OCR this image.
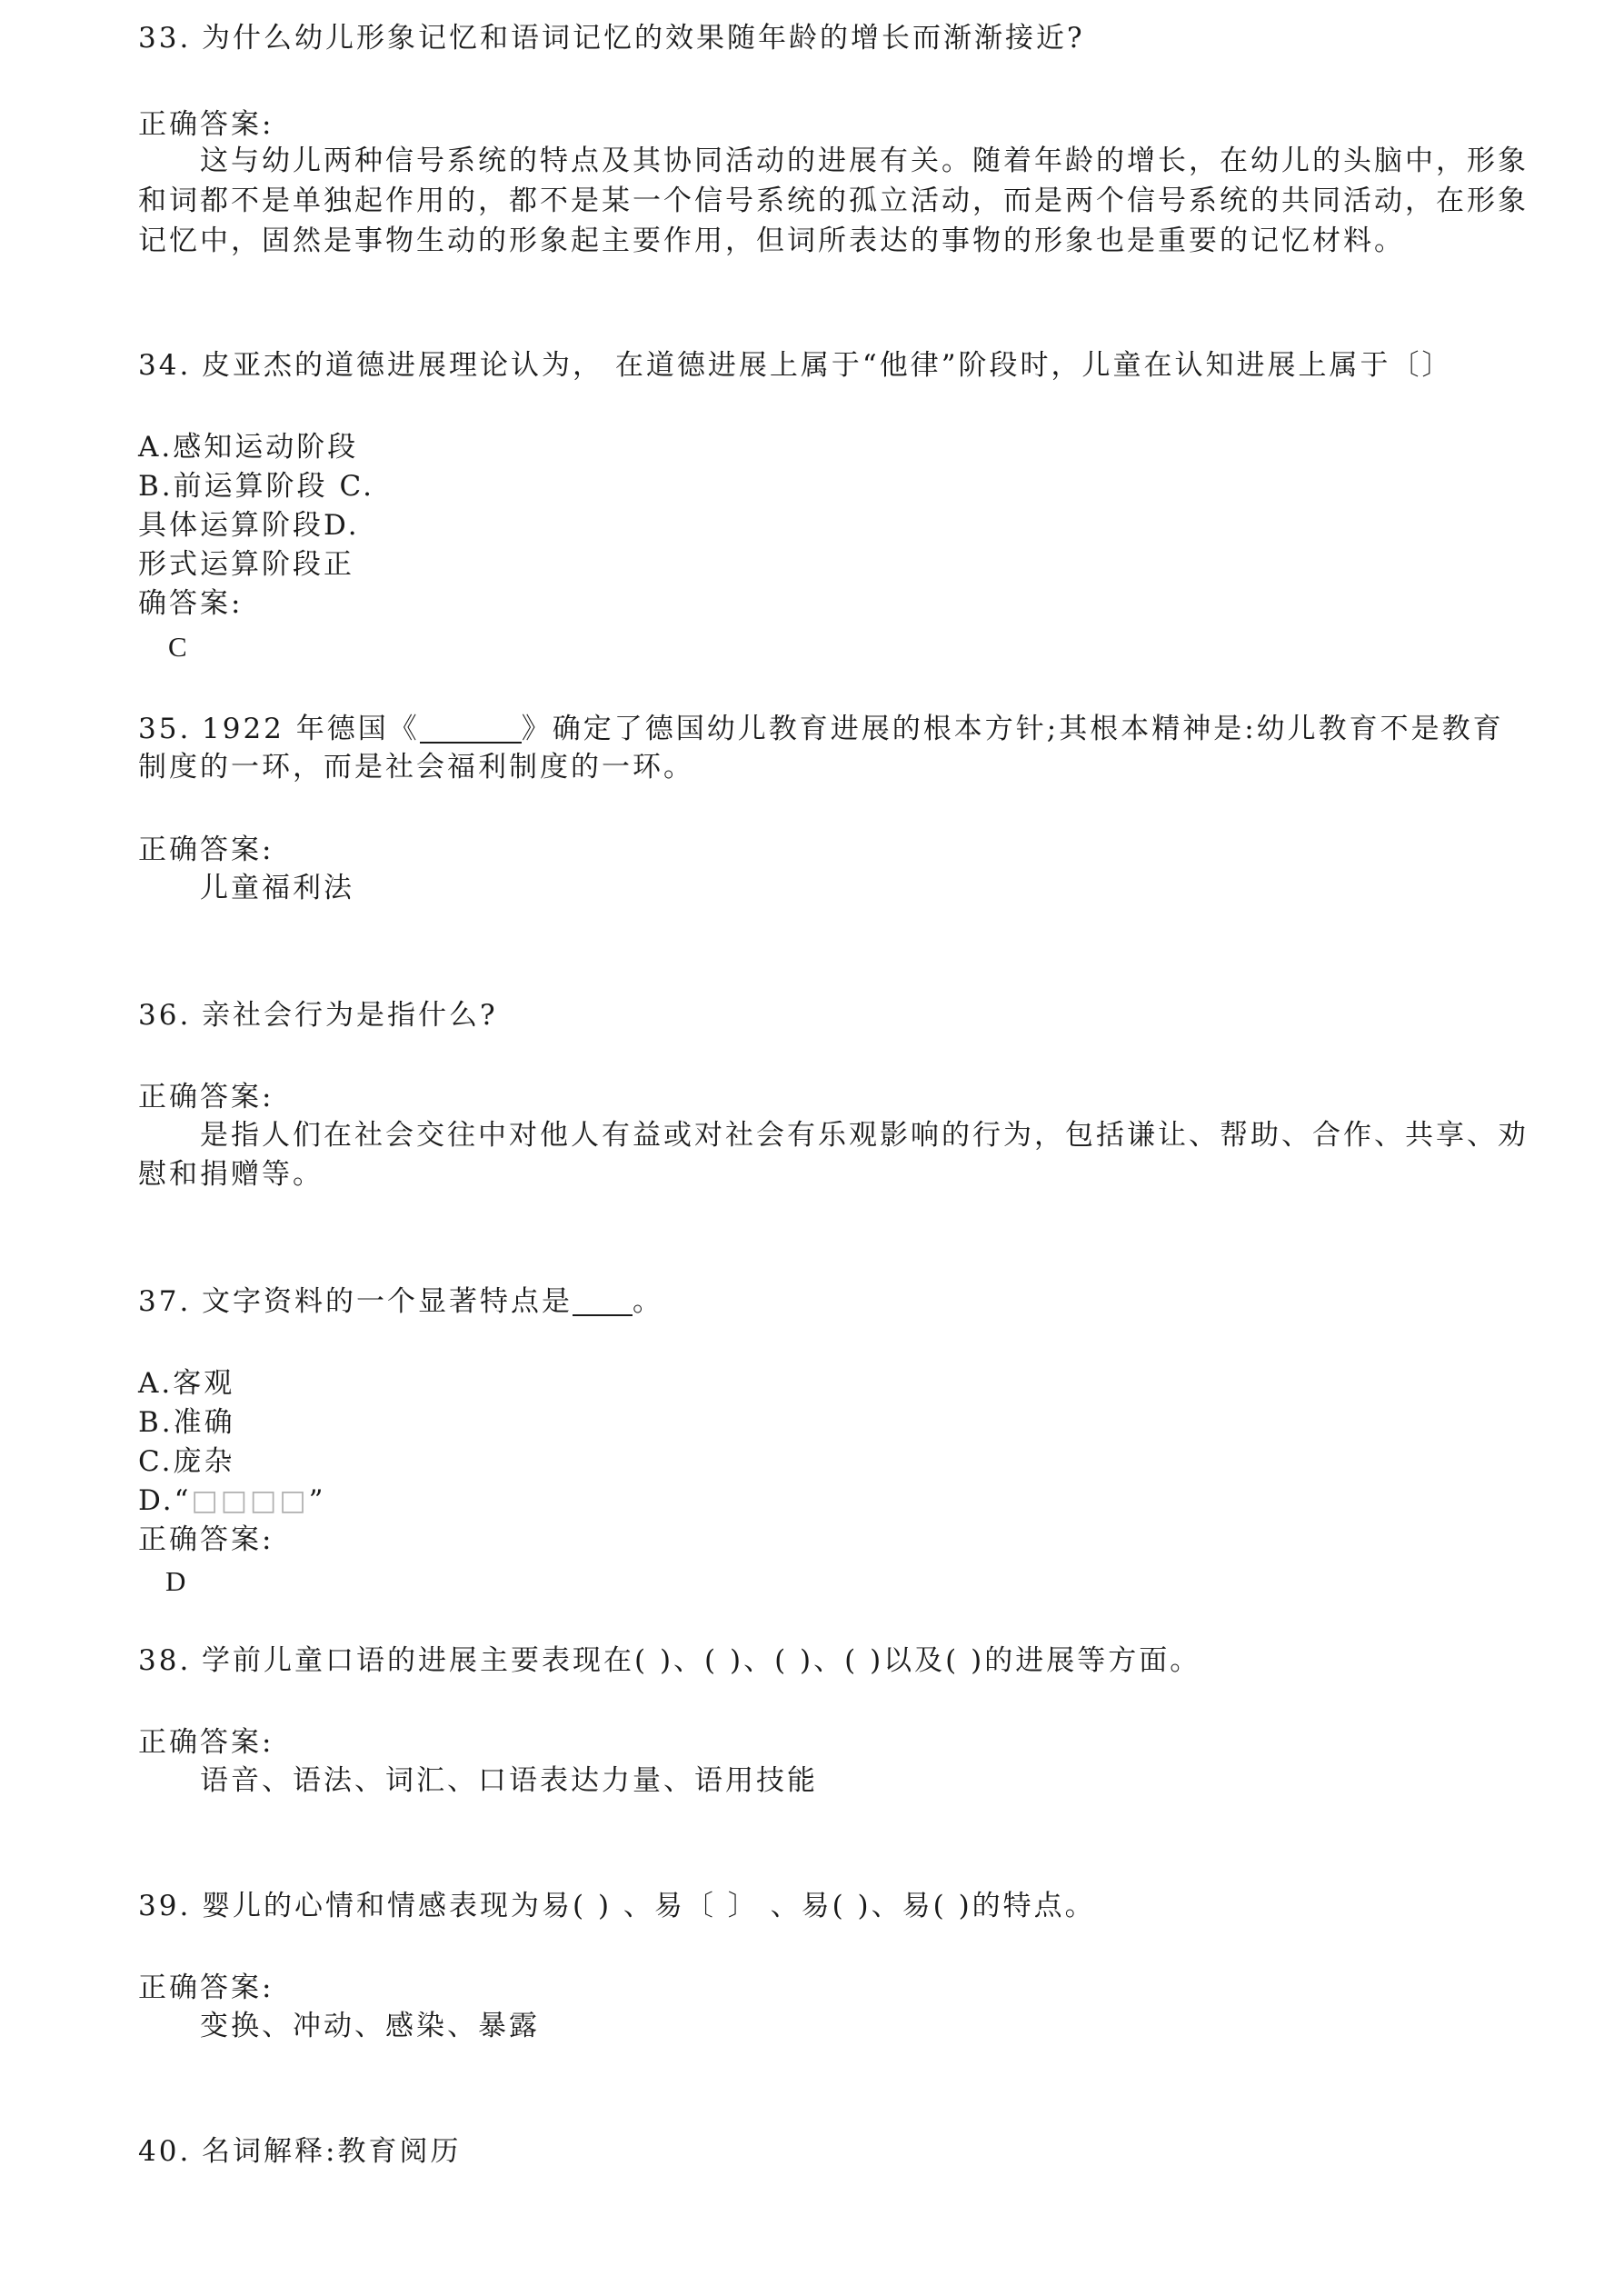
33. 为什么幼儿形象记忆和语词记忆的效果随年龄的增长而渐渐接近?
正确答案:
这与幼儿两种信号系统的特点及其协同活动的进展有关。随着年龄的增长，在幼儿的头脑中，形象
和词都不是单独起作用的，都不是某一个信号系统的孤立活动，而是两个信号系统的共同活动，在形象
记忆中，固然是事物生动的形象起主要作用，但词所表达的事物的形象也是重要的记忆材料。
34. 皮亚杰的道德进展理论认为， 在道德进展上属于“他律”阶段时，儿童在认知进展上属于〔〕
A.感知运动阶段
B.前运算阶段 C.
具体运算阶段D.
形式运算阶段正
确答案:
C
35. 1922 年德国《	》确定了德国幼儿教育进展的根本方针;其根本精神是:幼儿教育不是教育
制度的一环，而是社会福利制度的一环。
正确答案:
儿童福利法
36. 亲社会行为是指什么?
正确答案:
是指人们在社会交往中对他人有益或对社会有乐观影响的行为，包括谦让、帮助、合作、共享、劝
慰和捐赠等。
37. 文字资料的一个显著特点是 。
A.客观
B.准确
C.庞杂
D.“□□□□”
正确答案:
D
38. 学前儿童口语的进展主要表现在( )、( )、( )、( )以及( )的进展等方面。
正确答案:
语音、语法、词汇、口语表达力量、语用技能
39. 婴儿的心情和情感表现为易( ) 、易〔 〕 、易( )、易( )的特点。
正确答案:
变换、冲动、感染、暴露
40. 名词解释:教育阅历
